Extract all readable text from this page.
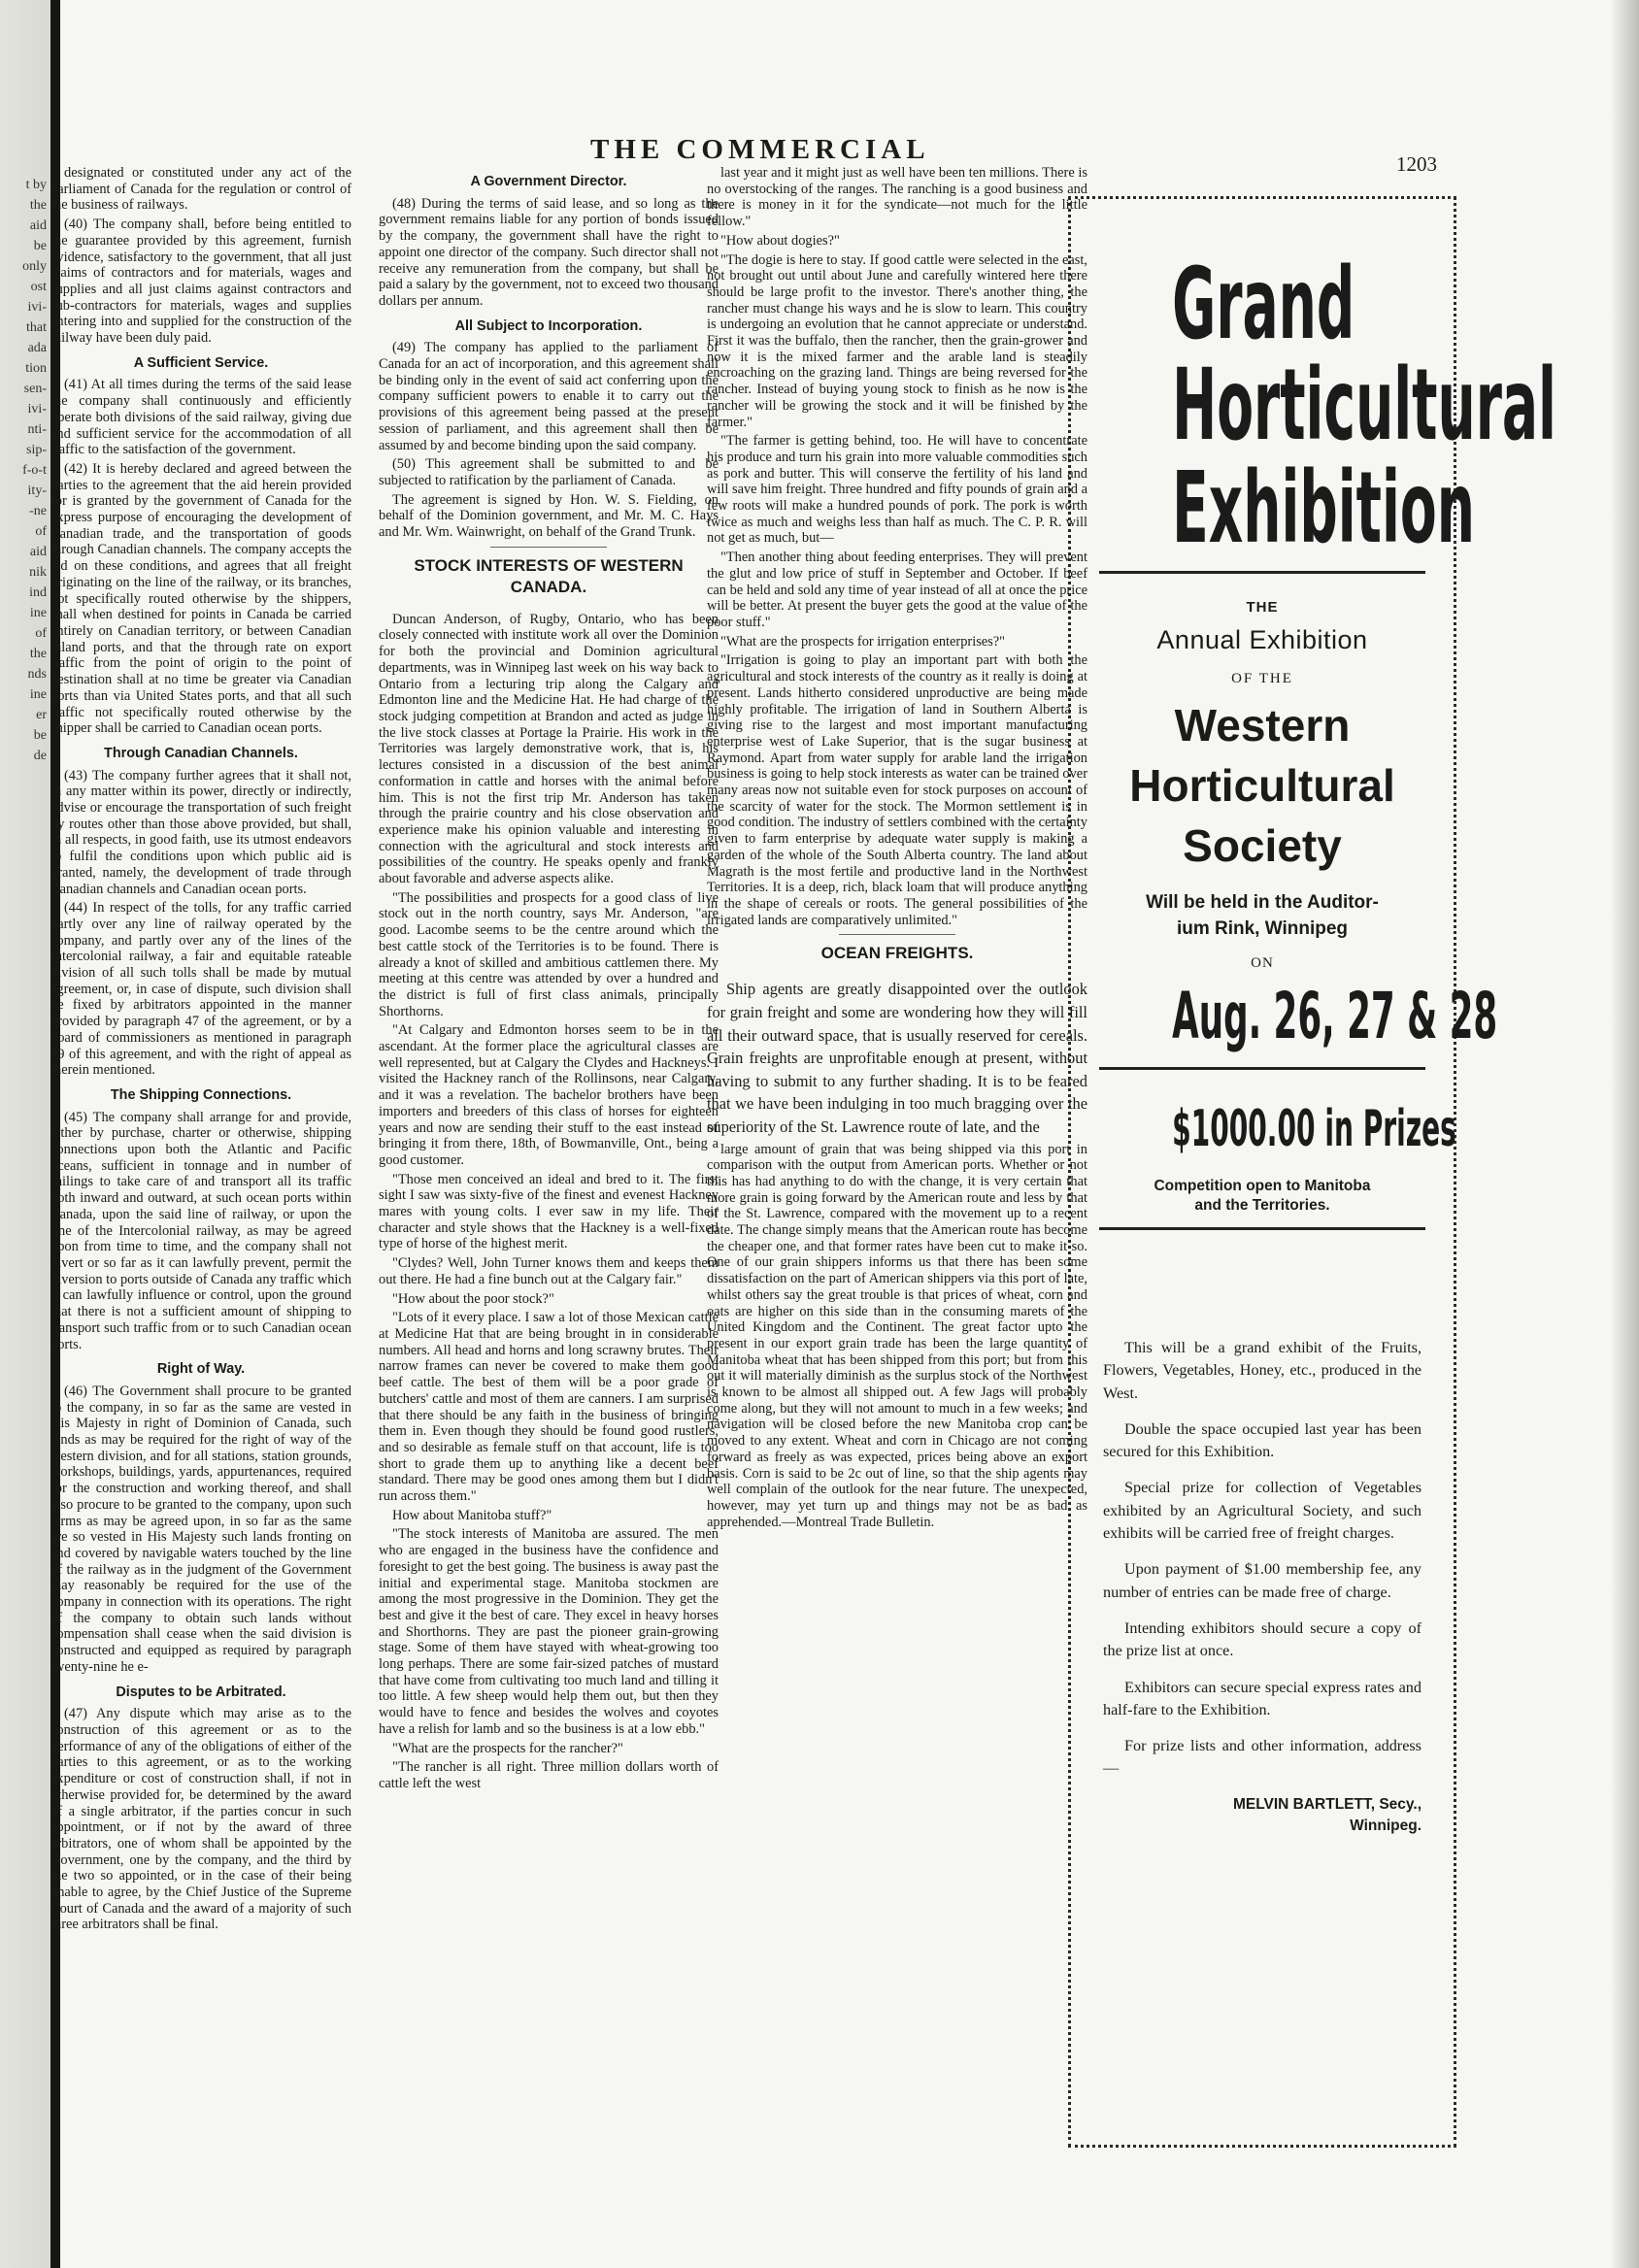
t by
the
aid
be
only
ost
ivi-
that
ada
tion
sen-
ivi-
nti-
sip-
f-o-t
ity-
-ne
of
aid
nik
ind
ine
of
the
nds
ine
er
be
de
THE COMMERCIAL	1203

designated or constituted under any act of the parliament of Canada for the regulation or control of the business of railways.

(40) The company shall, before being entitled to the guarantee provided by this agreement, furnish evidence, satisfactory to the government, that all just claims of contractors and for materials, wages and supplies and all just claims against contractors and sub-contractors for materials, wages and supplies entering into and supplied for the construction of the railway have been duly paid.

A Sufficient Service.

(41) At all times during the terms of the said lease the company shall continuously and efficiently operate both divisions of the said railway, giving due and sufficient service for the accommodation of all traffic to the satisfaction of the government.

(42) It is hereby declared and agreed between the parties to the agreement that the aid herein provided for is granted by the government of Canada for the express purpose of encouraging the development of Canadian trade, and the transportation of goods through Canadian channels. The company accepts the aid on these conditions, and agrees that all freight originating on the line of the railway, or its branches, not specifically routed otherwise by the shippers, shall when destined for points in Canada be carried entirely on Canadian territory, or between Canadian inland ports, and that the through rate on export traffic from the point of origin to the point of destination shall at no time be greater via Canadian ports than via United States ports, and that all such traffic not specifically routed otherwise by the shipper shall be carried to Canadian ocean ports.

Through Canadian Channels.

(43) The company further agrees that it shall not, in any matter within its power, directly or indirectly, advise or encourage the transportation of such freight by routes other than those above provided, but shall, in all respects, in good faith, use its utmost endeavors to fulfil the conditions upon which public aid is granted, namely, the development of trade through Canadian channels and Canadian ocean ports.

(44) In respect of the tolls, for any traffic carried partly over any line of railway operated by the company, and partly over any of the lines of the Intercolonial railway, a fair and equitable rateable division of all such tolls shall be made by mutual agreement, or, in case of dispute, such division shall be fixed by arbitrators appointed in the manner provided by paragraph 47 of the agreement, or by a board of commissioners as mentioned in paragraph 19 of this agreement, and with the right of appeal as therein mentioned.

The Shipping Connections.

(45) The company shall arrange for and provide, either by purchase, charter or otherwise, shipping connections upon both the Atlantic and Pacific oceans, sufficient in tonnage and in number of sailings to take care of and transport all its traffic both inward and outward, at such ocean ports within Canada, upon the said line of railway, or upon the line of the Intercolonial railway, as may be agreed upon from time to time, and the company shall not divert or so far as it can lawfully prevent, permit the diversion to ports outside of Canada any traffic which it can lawfully influence or control, upon the ground that there is not a sufficient amount of shipping to transport such traffic from or to such Canadian ocean ports.

Right of Way.

(46) The Government shall procure to be granted to the company, in so far as the same are vested in His Majesty in right of Dominion of Canada, such lands as may be required for the right of way of the western division, and for all stations, station grounds, workshops, buildings, yards, appurtenances, required for the construction and working thereof, and shall also procure to be granted to the company, upon such terms as may be agreed upon, in so far as the same are so vested in His Majesty such lands fronting on and covered by navigable waters touched by the line of the railway as in the judgment of the Government may reasonably be required for the use of the company in connection with its operations. The right of the company to obtain such lands without compensation shall cease when the said division is constructed and equipped as required by paragraph twenty-nine he e-

Disputes to be Arbitrated.

(47) Any dispute which may arise as to the construction of this agreement or as to the performance of any of the obligations of either of the parties to this agreement, or as to the working expenditure or cost of construction shall, if not in otherwise provided for, be determined by the award of a single arbitrator, if the parties concur in such appointment, or if not by the award of three arbitrators, one of whom shall be appointed by the Government, one by the company, and the third by the two so appointed, or in the case of their being unable to agree, by the Chief Justice of the Supreme Court of Canada and the award of a majority of such three arbitrators shall be final.

A Government Director.

(48) During the terms of said lease, and so long as the government remains liable for any portion of bonds issued by the company, the government shall have the right to appoint one director of the company. Such director shall not receive any remuneration from the company, but shall be paid a salary by the government, not to exceed two thousand dollars per annum.

All Subject to Incorporation.

(49) The company has applied to the parliament of Canada for an act of incorporation, and this agreement shall be binding only in the event of said act conferring upon the company sufficient powers to enable it to carry out the provisions of this agreement being passed at the present session of parliament, and this agreement shall then be assumed by and become binding upon the said company.

(50) This agreement shall be submitted to and be subjected to ratification by the parliament of Canada.

The agreement is signed by Hon. W. S. Fielding, on behalf of the Dominion government, and Mr. M. C. Hays and Mr. Wm. Wainwright, on behalf of the Grand Trunk.

STOCK INTERESTS OF WESTERN CANADA.

Duncan Anderson, of Rugby, Ontario, who has been closely connected with institute work all over the Dominion for both the provincial and Dominion agricultural departments, was in Winnipeg last week on his way back to Ontario from a lecturing trip along the Calgary and Edmonton line and the Medicine Hat. He had charge of the stock judging competition at Brandon and acted as judge in the live stock classes at Portage la Prairie. His work in the Territories was largely demonstrative work, that is, his lectures consisted in a discussion of the best animal conformation in cattle and horses with the animal before him. This is not the first trip Mr. Anderson has taken through the prairie country and his close observation and experience make his opinion valuable and interesting in connection with the agricultural and stock interests and possibilities of the country. He speaks openly and frankly about favorable and adverse aspects alike.

"The possibilities and prospects for a good class of live stock out in the north country, says Mr. Anderson, "are good. Lacombe seems to be the centre around which the best cattle stock of the Territories is to be found. There is already a knot of skilled and ambitious cattlemen there. My meeting at this centre was attended by over a hundred and the district is full of first class animals, principally Shorthorns.

"At Calgary and Edmonton horses seem to be in the ascendant. At the former place the agricultural classes are well represented, but at Calgary the Clydes and Hackneys. I visited the Hackney ranch of the Rollinsons, near Calgary, and it was a revelation. The bachelor brothers have been importers and breeders of this class of horses for eighteen years and now are sending their stuff to the east instead of bringing it from there, 18th, of Bowmanville, Ont., being a good customer.

"Those men conceived an ideal and bred to it. The first sight I saw was sixty-five of the finest and evenest Hackney mares with young colts. I ever saw in my life. Their character and style shows that the Hackney is a well-fixed type of horse of the highest merit.

"Clydes? Well, John Turner knows them and keeps them out there. He had a fine bunch out at the Calgary fair."

"How about the poor stock?"

"Lots of it every place. I saw a lot of those Mexican cattle at Medicine Hat that are being brought in in considerable numbers. All head and horns and long scrawny brutes. Their narrow frames can never be covered to make them good beef cattle. The best of them will be a poor grade of butchers' cattle and most of them are canners. I am surprised that there should be any faith in the business of bringing them in. Even though they should be found good rustlers, and so desirable as female stuff on that account, life is too short to grade them up to anything like a decent beef standard. There may be good ones among them but I didn't run across them."

How about Manitoba stuff?"

"The stock interests of Manitoba are assured. The men who are engaged in the business have the confidence and foresight to get the best going. The business is away past the initial and experimental stage. Manitoba stockmen are among the most progressive in the Dominion. They get the best and give it the best of care. They excel in heavy horses and Shorthorns. They are past the pioneer grain-growing stage. Some of them have stayed with wheat-growing too long perhaps. There are some fair-sized patches of mustard that have come from cultivating too much land and tilling it too little. A few sheep would help them out, but then they would have to fence and besides the wolves and coyotes have a relish for lamb and so the business is at a low ebb."

"What are the prospects for the rancher?"

"The rancher is all right. Three million dollars worth of cattle left the west

last year and it might just as well have been ten millions. There is no overstocking of the ranges. The ranching is a good business and there is money in it for the syndicate—not much for the little fellow."

"How about dogies?"

"The dogie is here to stay. If good cattle were selected in the east, not brought out until about June and carefully wintered here there should be large profit to the investor. There's another thing, the rancher must change his ways and he is slow to learn. This country is undergoing an evolution that he cannot appreciate or understand. First it was the buffalo, then the rancher, then the grain-grower and now it is the mixed farmer and the arable land is steadily encroaching on the grazing land. Things are being reversed for the rancher. Instead of buying young stock to finish as he now is the rancher will be growing the stock and it will be finished by the farmer."

"The farmer is getting behind, too. He will have to concentrate his produce and turn his grain into more valuable commodities such as pork and butter. This will conserve the fertility of his land and will save him freight. Three hundred and fifty pounds of grain and a few roots will make a hundred pounds of pork. The pork is worth twice as much and weighs less than half as much. The C. P. R. will not get as much, but—

"Then another thing about feeding enterprises. They will prevent the glut and low price of stuff in September and October. If beef can be held and sold any time of year instead of all at once the price will be better. At present the buyer gets the good at the value of the poor stuff."

"What are the prospects for irrigation enterprises?"

"Irrigation is going to play an important part with both the agricultural and stock interests of the country as it really is doing at present. Lands hitherto considered unproductive are being made highly profitable. The irrigation of land in Southern Alberta is giving rise to the largest and most important manufacturing enterprise west of Lake Superior, that is the sugar business at Raymond. Apart from water supply for arable land the irrigation business is going to help stock interests as water can be trained over many areas now not suitable even for stock purposes on account of the scarcity of water for the stock. The Mormon settlement is in good condition. The industry of settlers combined with the certainty given to farm enterprise by adequate water supply is making a garden of the whole of the South Alberta country. The land about Magrath is the most fertile and productive land in the Northwest Territories. It is a deep, rich, black loam that will produce anything in the shape of cereals or roots. The general possibilities of the irrigated lands are comparatively unlimited."

OCEAN FREIGHTS.

Ship agents are greatly disappointed over the outlook for grain freight and some are wondering how they will fill all their outward space, that is usually reserved for cereals. Grain freights are unprofitable enough at present, without having to submit to any further shading. It is to be feared that we have been indulging in too much bragging over the superiority of the St. Lawrence route of late, and the

large amount of grain that was being shipped via this port in comparison with the output from American ports. Whether or not this has had anything to do with the change, it is very certain that more grain is going forward by the American route and less by that of the St. Lawrence, compared with the movement up to a recent date. The change simply means that the American route has become the cheaper one, and that former rates have been cut to make it so. One of our grain shippers informs us that there has been some dissatisfaction on the part of American shippers via this port of late, whilst others say the great trouble is that prices of wheat, corn and oats are higher on this side than in the consuming marets of the United Kingdom and the Continent. The great factor upto the present in our export grain trade has been the large quantity of Manitoba wheat that has been shipped from this port; but from this out it will materially diminish as the surplus stock of the Northwest is known to be almost all shipped out. A few Jags will probably come along, but they will not amount to much in a few weeks; and navigation will be closed before the new Manitoba crop can be moved to any extent. Wheat and corn in Chicago are not coming forward as freely as was expected, prices being above an export basis. Corn is said to be 2c out of line, so that the ship agents may well complain of the outlook for the near future. The unexpected, however, may yet turn up and things may not be as bad as apprehended.—Montreal Trade Bulletin.

Grand
Horticultural
Exhibition
THE
Annual Exhibition
OF THE
Western
Horticultural
Society
Will be held in the Auditor-
ium Rink, Winnipeg
ON
Aug. 26, 27 & 28
$1000.00 in Prizes
Competition open to Manitoba
and the Territories.

This will be a grand exhibit of the Fruits, Flowers, Vegetables, Honey, etc., produced in the West.

Double the space occupied last year has been secured for this Exhibition.

Special prize for collection of Vegetables exhibited by an Agricultural Society, and such exhibits will be carried free of freight charges.

Upon payment of $1.00 membership fee, any number of entries can be made free of charge.

Intending exhibitors should secure a copy of the prize list at once.

Exhibitors can secure special express rates and half-fare to the Exhibition.

For prize lists and other information, address—

MELVIN BARTLETT, Secy.,
Winnipeg.
